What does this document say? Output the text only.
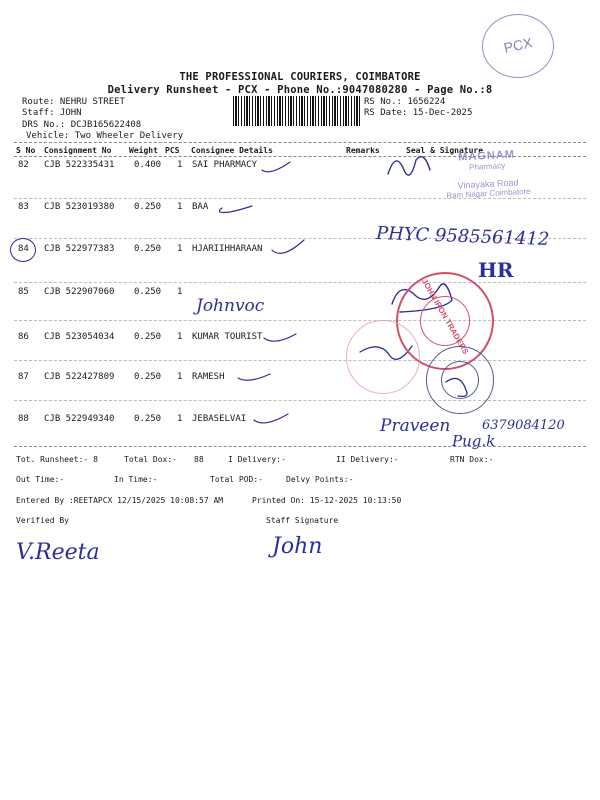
PCX
THE PROFESSIONAL COURIERS, COIMBATORE
Delivery Runsheet - PCX - Phone No.:9047080280 - Page No.:8
Route: NEHRU STREET
Staff: JOHN
DRS No.: DCJB165622408
Vehicle: Two Wheeler Delivery
RS No.: 1656224
RS Date: 15-Dec-2025
S No Consignment No Weight PCS Consignee Details	Remarks	Seal & Signature
82 CJB 522335431 0.400 1 SAI PHARMACY
83 CJB 523019380 0.250 1 BAA
84 CJB 522977383 0.250 1 HJARIIHHARAAN
85 CJB 522907060 0.250 1
86 CJB 523054034 0.250 1 KUMAR TOURIST
87 CJB 522427809 0.250 1 RAMESH
88 CJB 522949340 0.250 1 JEBASELVAI
MAGNAM
Pharmacy
Vinayaka Road
Ram Nagar Coimbatore
PHYC 9585561412
HR
Johnvoc	JOHN IRON TRADERS
Praveen 6379084120
Pug.k
Tot. Runsheet:- 8	Total Dox:- 88	I Delivery:-	II Delivery:-	RTN Dox:-
Out Time:-	In Time:-	Total POD:-	Delvy Points:-
Entered By :REETAPCX 12/15/2025 10:08:57 AM	Printed On: 15-12-2025 10:13:50
Verified By	Staff Signature
V.Reeta	John
